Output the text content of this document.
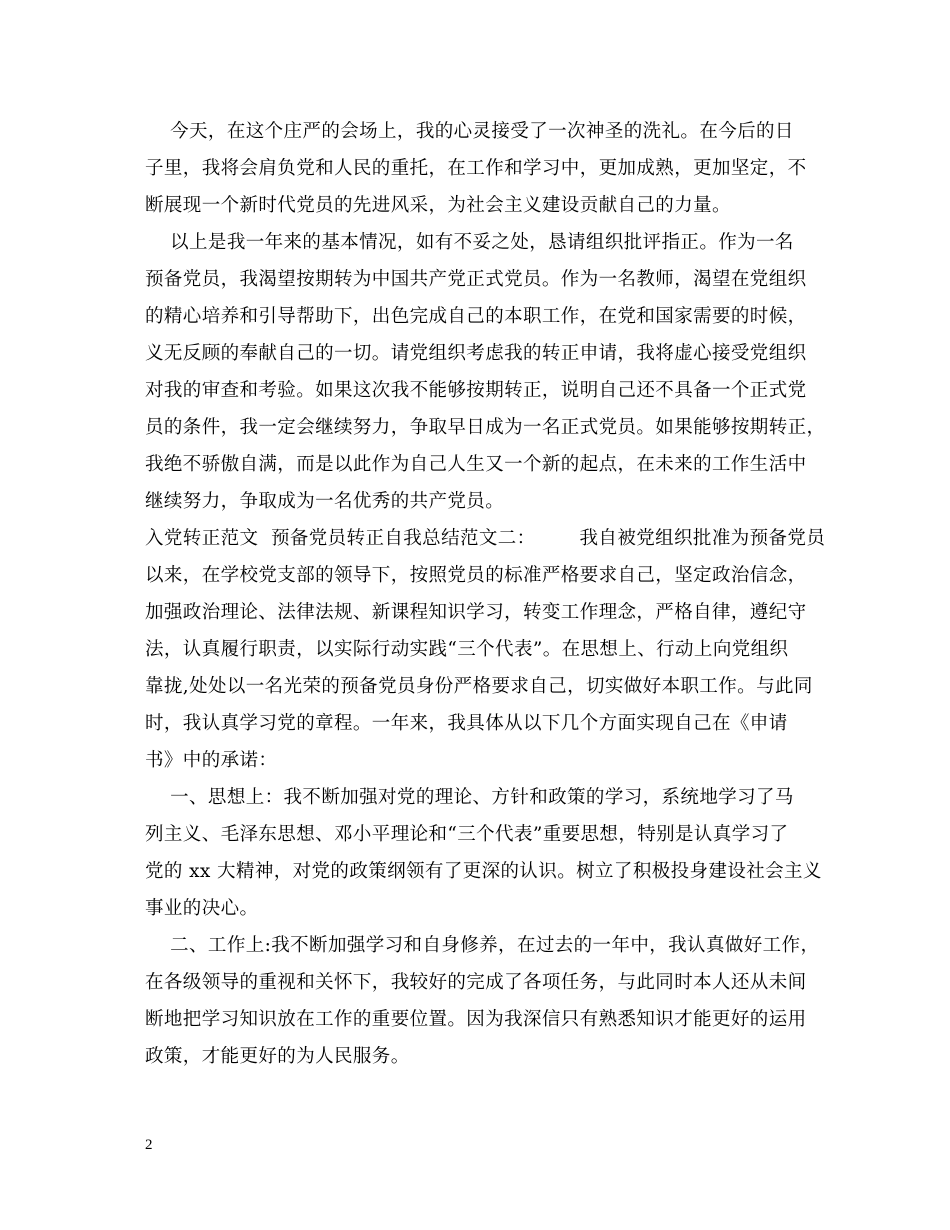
今天，在这个庄严的会场上，我的心灵接受了一次神圣的洗礼。在今后的日
子里，我将会肩负党和人民的重托，在工作和学习中，更加成熟，更加坚定，不
断展现一个新时代党员的先进风采，为社会主义建设贡献自己的力量。
以上是我一年来的基本情况，如有不妥之处，恳请组织批评指正。作为一名
预备党员，我渴望按期转为中国共产党正式党员。作为一名教师，渴望在党组织
的精心培养和引导帮助下，出色完成自己的本职工作，在党和国家需要的时候，
义无反顾的奉献自己的一切。请党组织考虑我的转正申请，我将虚心接受党组织
对我的审查和考验。如果这次我不能够按期转正，说明自己还不具备一个正式党
员的条件，我一定会继续努力，争取早日成为一名正式党员。如果能够按期转正，
我绝不骄傲自满，而是以此作为自己人生又一个新的起点，在未来的工作生活中
继续努力，争取成为一名优秀的共产党员。
入党转正范文  预备党员转正自我总结范文二：       我自被党组织批准为预备党员
以来，在学校党支部的领导下，按照党员的标准严格要求自己，坚定政治信念，
加强政治理论、法律法规、新课程知识学习，转变工作理念，严格自律，遵纪守
法，认真履行职责，以实际行动实践“三个代表”。在思想上、行动上向党组织
靠拢,处处以一名光荣的预备党员身份严格要求自己，切实做好本职工作。与此同
时，我认真学习党的章程。一年来，我具体从以下几个方面实现自己在《申请
书》中的承诺：
一、思想上：我不断加强对党的理论、方针和政策的学习，系统地学习了马
列主义、毛泽东思想、邓小平理论和“三个代表”重要思想，特别是认真学习了
党的 xx 大精神，对党的政策纲领有了更深的认识。树立了积极投身建设社会主义
事业的决心。
二、工作上:我不断加强学习和自身修养，在过去的一年中，我认真做好工作，
在各级领导的重视和关怀下，我较好的完成了各项任务，与此同时本人还从未间
断地把学习知识放在工作的重要位置。因为我深信只有熟悉知识才能更好的运用
政策，才能更好的为人民服务。
2
